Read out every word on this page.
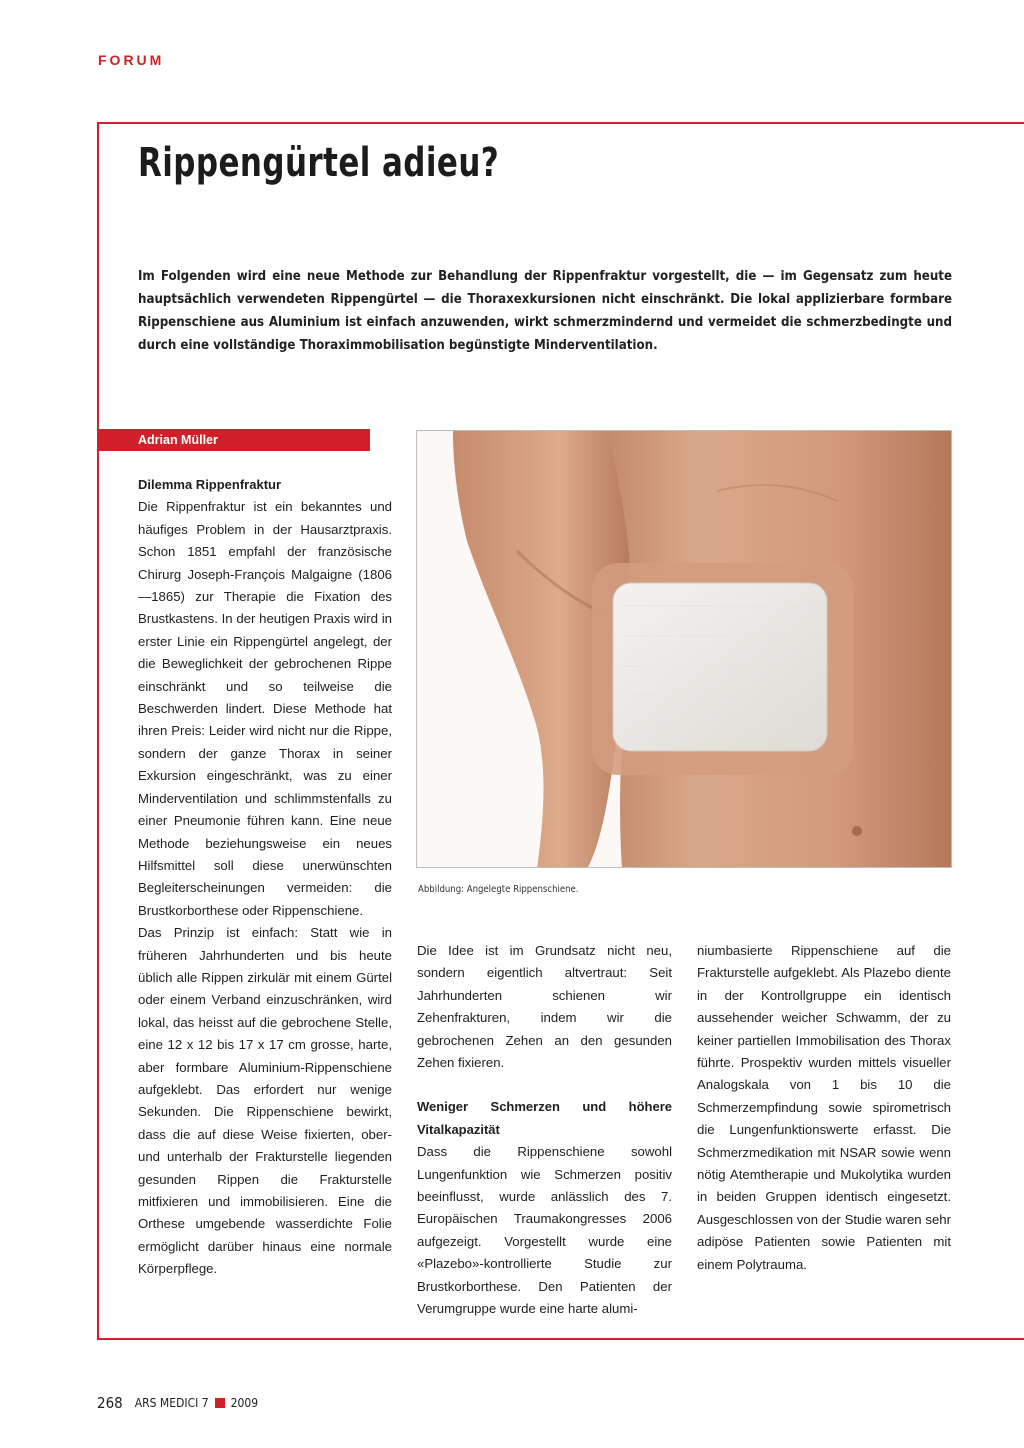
FORUM
Rippengürtel adieu?

Im Folgenden wird eine neue Methode zur Behandlung der Rippenfraktur vorgestellt, die — im Gegensatz zum heute hauptsächlich verwendeten Rippengürtel — die Thoraxexkursionen nicht einschränkt. Die lokal applizierbare formbare Rippenschiene aus Aluminium ist einfach anzuwenden, wirkt schmerzmindernd und vermeidet die schmerzbedingte und durch eine vollständige Thoraximmobilisation begünstigte Minderventilation.

Adrian Müller
Dilemma Rippenfraktur

Die Rippenfraktur ist ein bekanntes und häufiges Problem in der Hausarztpraxis. Schon 1851 empfahl der französische Chirurg Joseph-François Malgaigne (1806—1865) zur Therapie die Fixation des Brustkastens. In der heutigen Praxis wird in erster Linie ein Rippengürtel angelegt, der die Beweglichkeit der gebrochenen Rippe einschränkt und so teilweise die Beschwerden lindert. Diese Methode hat ihren Preis: Leider wird nicht nur die Rippe, sondern der ganze Thorax in seiner Exkursion eingeschränkt, was zu einer Minderventilation und schlimmstenfalls zu einer Pneumonie führen kann. Eine neue Methode beziehungsweise ein neues Hilfsmittel soll diese unerwünschten Begleiterscheinungen vermeiden: die Brustkorborthese oder Rippenschiene.

Das Prinzip ist einfach: Statt wie in früheren Jahrhunderten und bis heute üblich alle Rippen zirkulär mit einem Gürtel oder einem Verband einzuschränken, wird lokal, das heisst auf die gebrochene Stelle, eine 12 x 12 bis 17 x 17 cm grosse, harte, aber formbare Aluminium-Rippenschiene aufgeklebt. Das erfordert nur wenige Sekunden. Die Rippenschiene bewirkt, dass die auf diese Weise fixierten, ober- und unterhalb der Frakturstelle liegenden gesunden Rippen die Frakturstelle mitfixieren und immobilisieren. Eine die Orthese umgebende wasserdichte Folie ermöglicht darüber hinaus eine normale Körperpflege.

Abbildung: Angelegte Rippenschiene.

Die Idee ist im Grundsatz nicht neu, sondern eigentlich altvertraut: Seit Jahrhunderten schienen wir Zehenfrakturen, indem wir die gebrochenen Zehen an den gesunden Zehen fixieren.

Weniger Schmerzen und höhere Vitalkapazität

Dass die Rippenschiene sowohl Lungenfunktion wie Schmerzen positiv beeinflusst, wurde anlässlich des 7. Europäischen Traumakongresses 2006 aufgezeigt. Vorgestellt wurde eine «Plazebo»-kontrollierte Studie zur Brustkorborthese. Den Patienten der Verumgruppe wurde eine harte alumi-

niumbasierte Rippenschiene auf die Frakturstelle aufgeklebt. Als Plazebo diente in der Kontrollgruppe ein identisch aussehender weicher Schwamm, der zu keiner partiellen Immobilisation des Thorax führte. Prospektiv wurden mittels visueller Analogskala von 1 bis 10 die Schmerzempfindung sowie spirometrisch die Lungenfunktionswerte erfasst. Die Schmerzmedikation mit NSAR sowie wenn nötig Atemtherapie und Mukolytika wurden in beiden Gruppen identisch eingesetzt. Ausgeschlossen von der Studie waren sehr adipöse Patienten sowie Patienten mit einem Polytrauma.

268 ARS MEDICI 7 2009
